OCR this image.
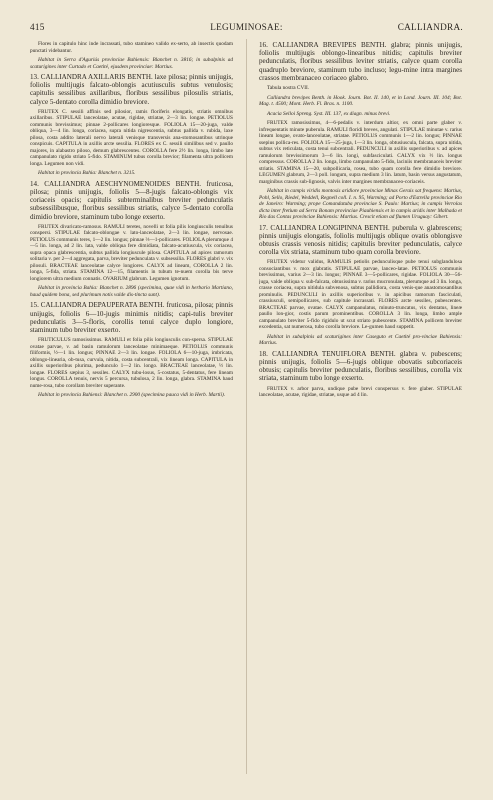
415	LEGUMINOSAE:	CALLIANDRA.

Flores in capitulo hinc inde incrassati, tubo stamineo valido ex-serto, ab insectis quodam punctati videbantur.

Habitat in Serra d'Aguriús provinciae Bahiensis: Blanchet n. 3816; in subalpinis ad scaturigines inter Curtado et Caetité, ejusdem provinciae: Martius.

13. CALLIANDRA AXILLARIS BENTH. laxe pilosa; pinnis unijugis, foliolis multijugis falcato-oblongis acutiusculis subtus venulosis; capitulis sessilibus axillaribus, floribus sessilibus pilosulis striatis, calyce 5-dentato corolla dimidio breviore.

FRUTEX C. sessili affinis sed pilosior, ramis floriferis elongatis, striatis omnibus axillaribus. STIPULAE lanceolatae, acutae, rigidae, striatae, 2—3 lin. longae. PETIOLUS communis brevissimus; pinnae 2-pollicares longioresque. FOLIOLA 15—20-juga, valde obliqua, 3—4 lin. longa, coriacea, supra nitida nigrescentia, subtus pallida v. rubida, laxe pilosa, costa addito laterali nervo laterali venisque transversis ana-stomosantibus utrinque conspicuis. CAPITULA in axillis arcte sessilia. FLORES ex C. sessili similibus sed v. paullo majores, in alabastro piloso, demum glabrescentes. COROLLA fere 2½ lin. longa, limbo late campanulato rigido striato 5-fido. STAMINUM tubus corolla brevior; filamenta ultra pollicem longa. Legumen non vidi.

Habitat in provincia Bahia: Blanchet n. 3215.

14. CALLIANDRA AESCHYNOMENOIDES BENTH. fruticosa, pilosa; pinnis unijugis, foliolis 5—8-jugis falcato-oblongis vix coriaceis opacis; capitulis subterminalibus breviter pedunculatis subsessilibusque, floribus sessilibus striatis, calyce 5-dentato corolla dimidio breviore, staminum tubo longe exserto.

FRUTEX divaricato-ramosus. RAMULI teretes, novelli ut folia pilis longiusculis tenuibus conspersi. STIPULAE falcato-oblongae v. lato-lanceolatae, 2—3 lin. longae, nervosae. PETIOLUS communis teres, 1—2 lin. longus; pinnae ⅔—1-pollicares. FOLIOLA plerumque 4—5 lin. longa, ad 2 lin. lata, valde obliqua fere dimidiata, falcato-acutiuscula, vix coriacea, supra opaca glabrescentia, subtus pallida longiuscule pilosa. CAPITULA ad apices ramorum solitaria v. per 2—4 aggregata, parva, breviter pedunculata v. subsessilia. FLORES glabri v. vix pilosuli. BRACTEAE lanceolatae calyce longiores. CALYX ad lineam, COROLLA 2 lin. longa, 5-fida, striata. STAMINA 12—15, filamentis in tubum te-nuem corolla bis terve longiorem ultra medium connatis. OVARIUM glabrum. Legumen ignotum.

Habitat in provincia Bahia: Blanchet n. 2896 (specimina, quae vidi in herbario Martiano, haud quidem bona, sed plurimum notis valde dis-tincta sunt).

15. CALLIANDRA DEPAUPERATA BENTH. fruticosa, pilosa; pinnis unijugis, foliolis 6—10-jugis minimis nitidis; capi-tulis breviter pedunculatis 3—5-floris, corollis tenui calyce duplo longiore, staminum tubo breviter exserto.

FRUTICULUS ramosissimus. RAMULI et folia pilis longiusculis con-spersa. STIPULAE ovatae parvae, v. ad basin ramulorum lanceolatae minimaeque. PETIOLUS communis filiformis, ½—1 lin. longus; PINNAE 2—3 lin. longae. FOLIOLA 6—10-juga, imbricata, oblongo-linearia, ob-tusa, curvula, nitida, costa subcentrali, vix lineam longa. CAPITULA in axillis superioribus plurima, pedunculo 1—2 lin. longo. BRACTEAE lanceolatae, ½ lin. longae. FLORES sæpius 3, sessiles. CALYX tubu-losus, 5-costatus, 5-dentatus, fere lineam longus. COROLLA tenuis, nervis 5 percursa, tubulosa, 2 lin. longa, glabra. STAMINA haud nume-rosa, tubo corollam breviter superante.

Habitat in provincia Bahiensi: Blanchet n. 2900 (specimina pauca vidi in Herb. Martii).

16. CALLIANDRA BREVIPES BENTH. glabra; pinnis unijugis, foliolis multijugis oblongo-linearibus nitidis; capitulis breviter pedunculatis, floribus sessilibus leviter striatis, calyce quam corolla quadruplo breviore, staminum tubo incluso; legu-mine intra margines crassos membranaceo coriaceo glabro.

Tabula nostra CVII.

Calliandra brevipes Benth. in Hook. Journ. Bot. II. 140, et in Lond. Journ. III. 104; Bot. Mag. t. 4500; Mont. Herb. Fl. Bras. n. 1100.

Acacia Selloi Spreng. Syst. III. 137, ex diagn. minus brevi.

FRUTEX ramosissimus, 4—6-pedalis v. interdum altior, ex omni parte glaber v. infrequentatis minute puberula. RAMULI floridi breves, angulati. STIPULAE minutae v. rarius lineam longae, ovato-lanceolatae, striatae. PETIOLUS communis 1—2 lin. longus; PINNAE ssepius pollica-res. FOLIOLA 15—25-juga, 1—3 lin. longa, obtusiuscula, falcata, supra nitida, subtus vix reticulata, costa tenui subcentrali. PEDUNCULI in axillis superioribus v. ad apices ramulorum brevissimorum 3—6 lin. longi, subfasciculati. CALYX vix ½ lin. longus compressus. COROLLA 2 lin. longa, limbo campanulato 5-fido, laciniis membranaceis breviter striatis. STAMINA 15—20, subpollicaria, rosea, tubo quam corolla fere dimidio breviore. LEGUMEN glabrum, 2—3 poll. longum, supra medium 3 lin. latum, basin versus angustatum, marginibus crassis sub-lignosis, valvis inter margines membranaceo-coriaceis.

Habitat in campis viridis montosis aridiore provinciae Minas Gerais sat frequens: Martius, Pohl, Sello, Riedel, Weddell, Regnell coll. I. n. 95, Warming; ad Porto d'Estrella provinciae Rio de Janeiro: Warming; prope Comandatuba provinciae S. Paulo: Martius; in campis Verrolas dicta inter fretium ad Serra Bonam provinciae Piauhiensis et in campis aridis inter Malhada et Rio das Contas provinciae Bahiensis: Martius. Crescit etiam ad flumen Uruguay: Gibert.

17. CALLIANDRA LONGIPINNA BENTH. puberula v. glabrescens; pinnis unijugis elongatis, foliolis multijugis oblique ovatis oblongisve obtusis crassis venosis nitidis; capitulis breviter pedunculatis, calyce corolla vix striata, staminum tubo quam corolla breviore.

FRUTEX videtur validus, RAMULIS petiolis pedunculisque pube tenui subglandulosa consociantibus v. mox glabratis. STIPULAE parvae, lanceo-latae. PETIOLUS communis brevissimus, varius 2—3 lin. longus; PINNAE 3—5-pollicares, rigidae. FOLIOLA 30—56-juga, valde obliqua v. sub-falcata, obtusissima v. rarius mucronulata, plerumque ad 3 lin. longa, crasse coriacea, supra nitidula subvenosa, subtus pallidiora, costa venis-que anastomosantibus prominulis. PEDUNCULI in axillis superioribus v. in apicibus ramorum fasciculati, crassiusculi, semipollicares, sub capitule incrassati. FLORES arcte sessiles, pubescentes. BRACTEAE parvae, ovatae. CALYX campanulatus, minuto-truncatus, vix dentatus, lineæ paullo lon-gior, costis parum prominentibus. COROLLA 3 lin. longa, limbo ample campanulato breviter 5-fido rigidulo ut scut striato pubescente. STAMINA pollicem breviter excedentia, sat numerosa, tubo corolla breviore. Le-gumen haud suppetit.

Habitat in subalpinis ad scaturigines inter Caseguto et Caetité pro-vinciae Bahiensis: Martius.

18. CALLIANDRA TENUIFLORA BENTH. glabra v. pubescens; pinnis unijugis, foliolis 5—6-jugis oblique obovatis subcoriaceis obtusis; capitulis breviter pedunculatis, floribus sessilibus, corolla vix striata, staminum tubo longe exserto.

FRUTEX v. arbor parva, undique pube brevi conspersus v. fere glaber. STIPULAE lanceolatae, acutae, rigidae, striatae, usque ad 4 lin.
